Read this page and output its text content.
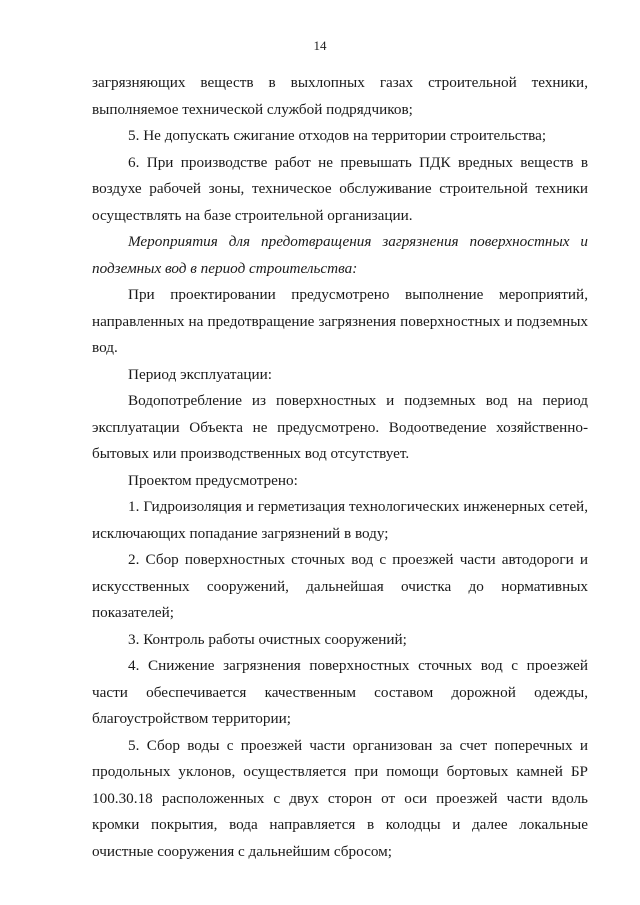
14

загрязняющих веществ в выхлопных газах строительной техники, выполняемое технической службой подрядчиков;

5. Не допускать сжигание отходов на территории строительства;

6. При производстве работ не превышать ПДК вредных веществ в воздухе рабочей зоны, техническое обслуживание строительной техники осуществлять на базе строительной организации.

Мероприятия для предотвращения загрязнения поверхностных и подземных вод в период строительства:

При проектировании предусмотрено выполнение мероприятий, направленных на предотвращение загрязнения поверхностных и подземных вод.

Период эксплуатации:

Водопотребление из поверхностных и подземных вод на период эксплуатации Объекта не предусмотрено. Водоотведение хозяйственно-бытовых или производственных вод отсутствует.

Проектом предусмотрено:

1. Гидроизоляция и герметизация технологических инженерных сетей, исключающих попадание загрязнений в воду;

2. Сбор поверхностных сточных вод с проезжей части автодороги и искусственных сооружений, дальнейшая очистка до нормативных показателей;

3. Контроль работы очистных сооружений;

4. Снижение загрязнения поверхностных сточных вод с проезжей части обеспечивается качественным составом дорожной одежды, благоустройством территории;

5. Сбор воды с проезжей части организован за счет поперечных и продольных уклонов, осуществляется при помощи бортовых камней БР 100.30.18 расположенных с двух сторон от оси проезжей части вдоль кромки покрытия, вода направляется в колодцы и далее локальные очистные сооружения с дальнейшим сбросом;
